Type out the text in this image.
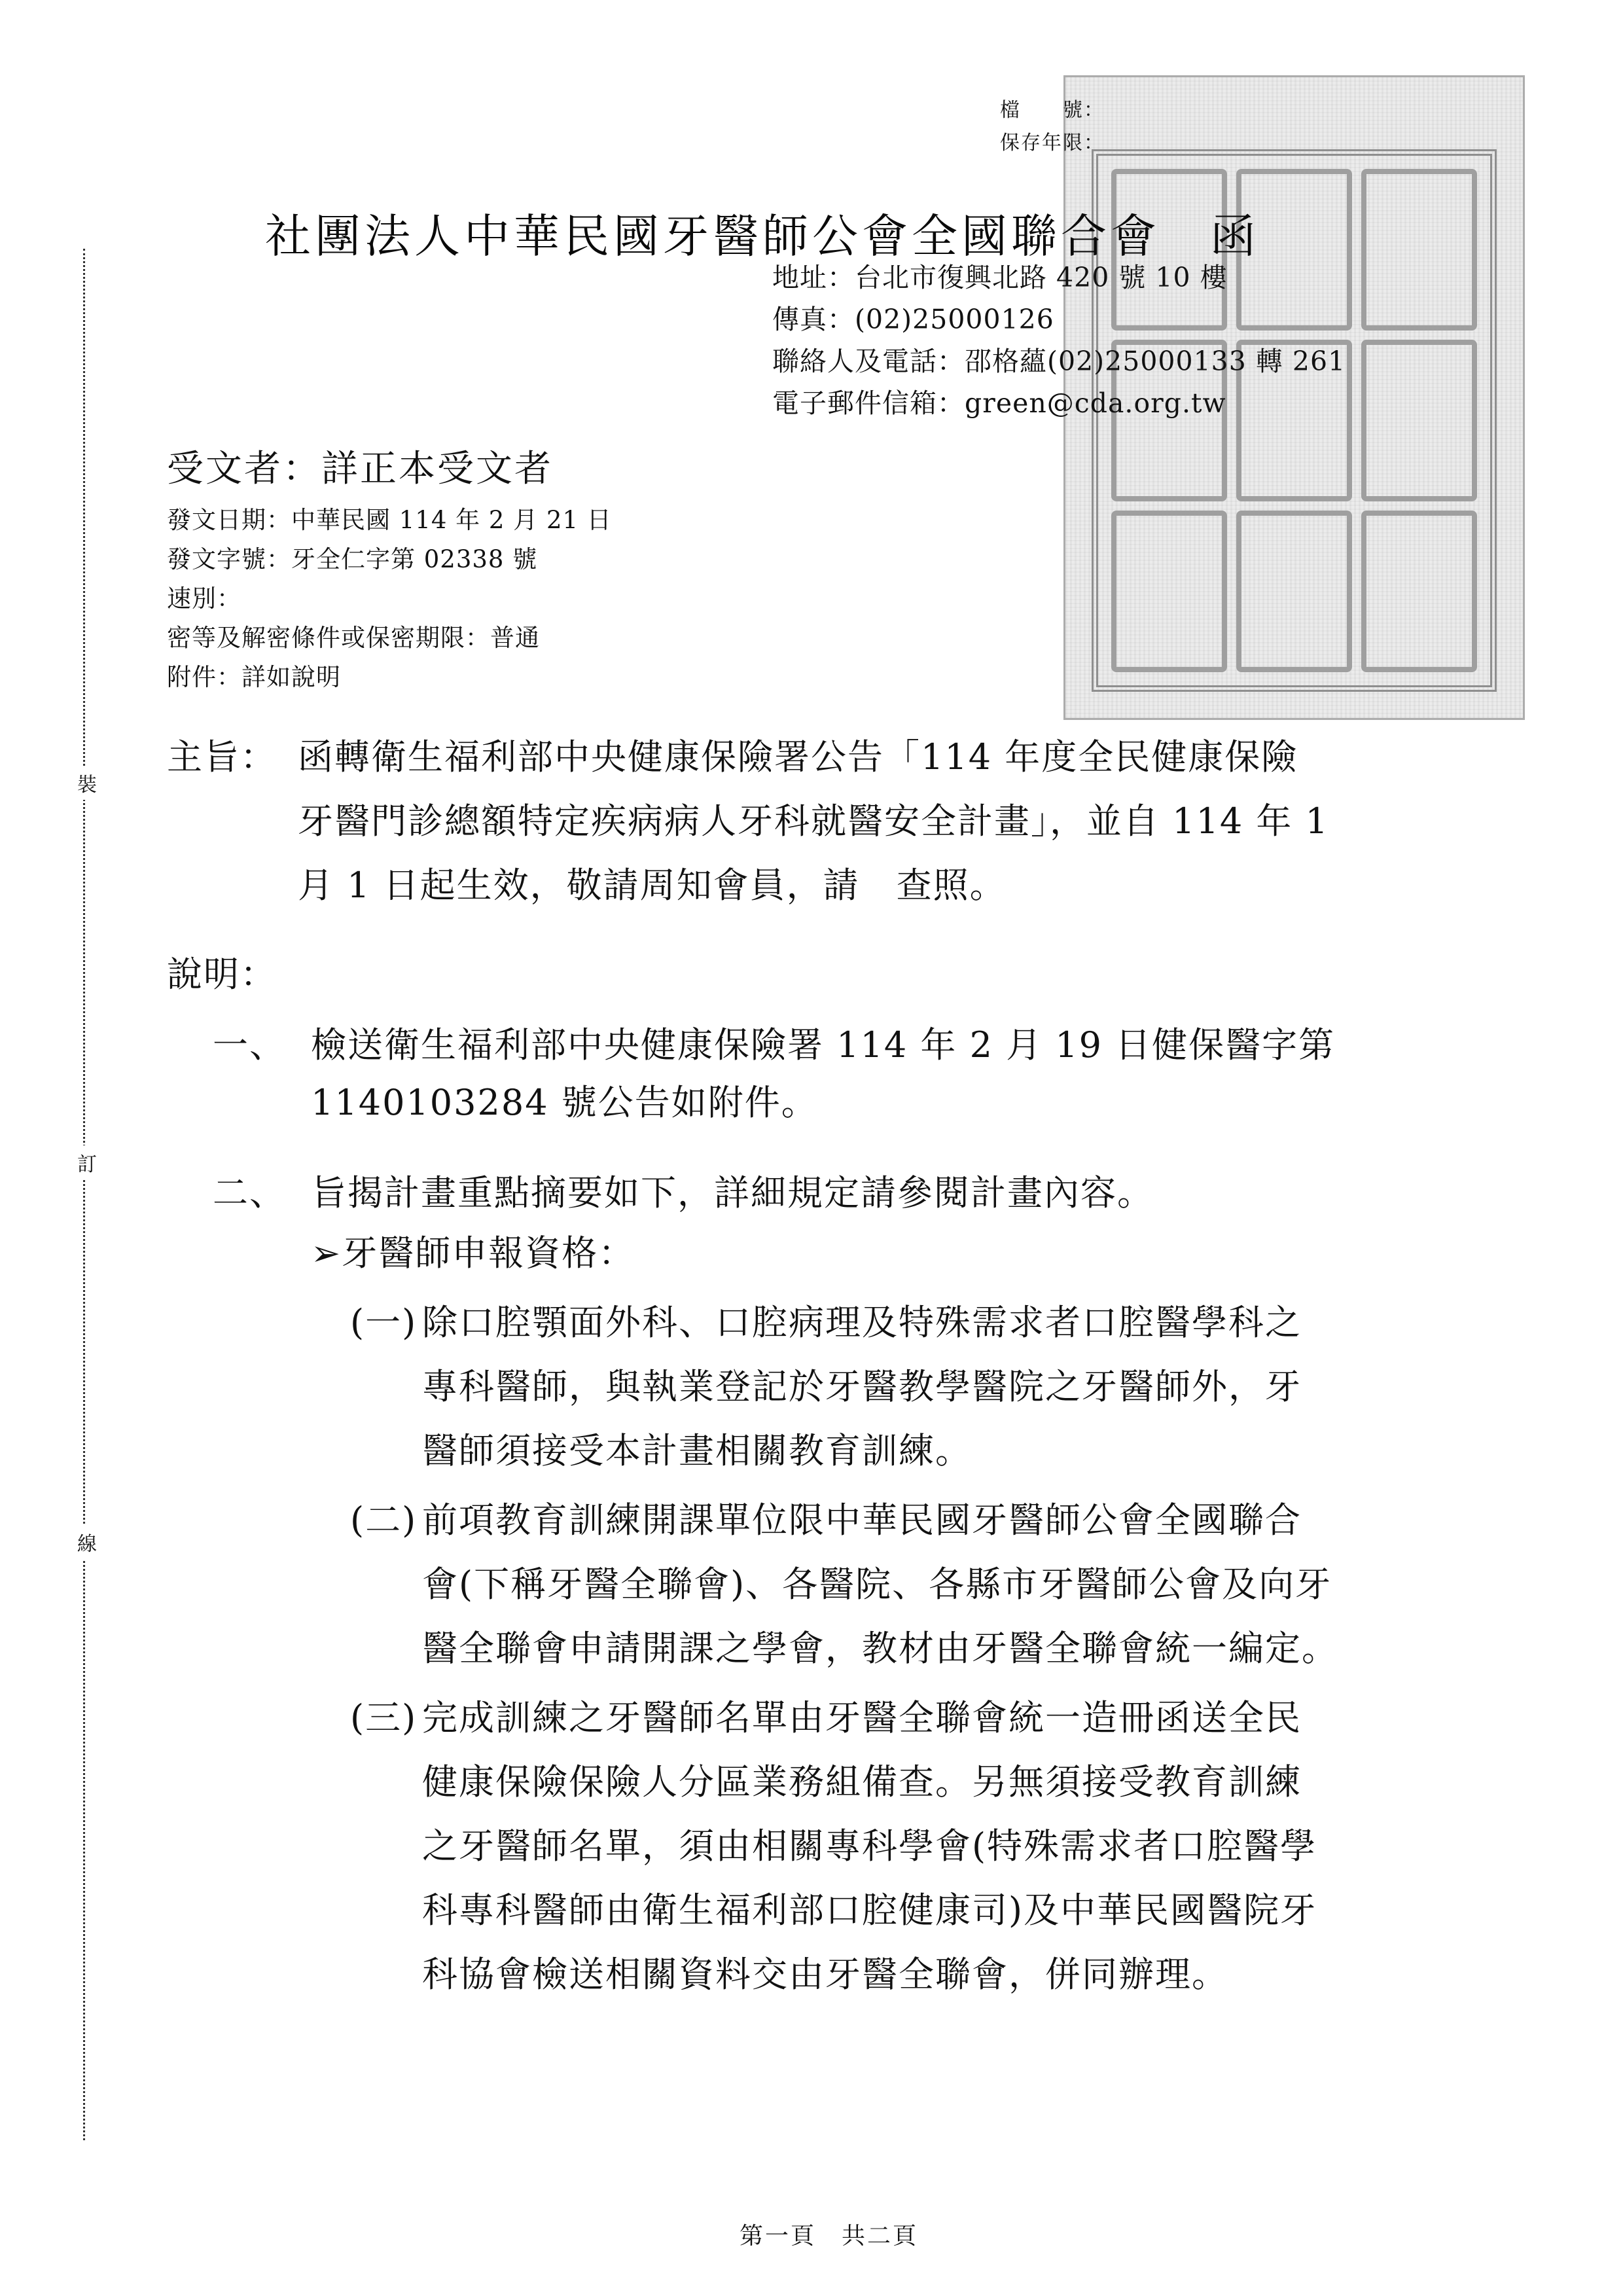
裝
訂
線
檔　　號：
保存年限：
社團法人中華民國牙醫師公會全國聯合會　函
地址：台北市復興北路 420 號 10 樓
傳真：(02)25000126
聯絡人及電話：邵格蘊(02)25000133 轉 261
電子郵件信箱：green@cda.org.tw
受文者：詳正本受文者
發文日期：中華民國 114 年 2 月 21 日
發文字號：牙全仁字第 02338 號
速別：
密等及解密條件或保密期限：普通
附件：詳如說明
主旨： 函轉衛生福利部中央健康保險署公告「114 年度全民健康保險
牙醫門診總額特定疾病病人牙科就醫安全計畫」，並自 114 年 1
月 1 日起生效，敬請周知會員，請　查照。
說明：
一、 檢送衛生福利部中央健康保險署 114 年 2 月 19 日健保醫字第
1140103284 號公告如附件。
二、 旨揭計畫重點摘要如下，詳細規定請參閱計畫內容。
➢牙醫師申報資格：
(一) 除口腔顎面外科、口腔病理及特殊需求者口腔醫學科之
專科醫師，與執業登記於牙醫教學醫院之牙醫師外，牙
醫師須接受本計畫相關教育訓練。
(二) 前項教育訓練開課單位限中華民國牙醫師公會全國聯合
會(下稱牙醫全聯會)、各醫院、各縣市牙醫師公會及向牙
醫全聯會申請開課之學會，教材由牙醫全聯會統一編定。
(三) 完成訓練之牙醫師名單由牙醫全聯會統一造冊函送全民
健康保險保險人分區業務組備查。另無須接受教育訓練
之牙醫師名單，須由相關專科學會(特殊需求者口腔醫學
科專科醫師由衛生福利部口腔健康司)及中華民國醫院牙
科協會檢送相關資料交由牙醫全聯會，併同辦理。
第一頁　共二頁
